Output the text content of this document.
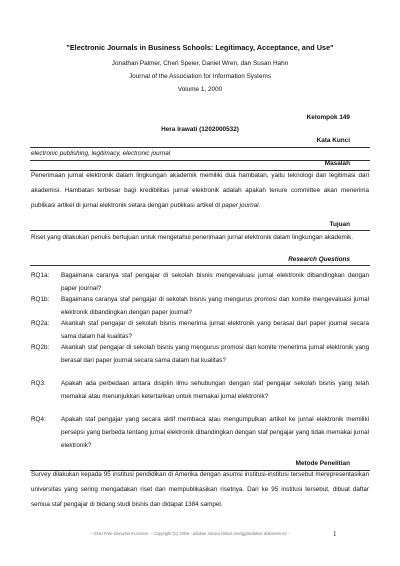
"Electronic Journals in Business Schools: Legitimacy, Acceptance, and Use"
Jonathan Palmer, Cheri Speier, Daniel Wren, dan Susan Hahn
Journal of the Association for Information Systems
Volume 1, 2000
Kelompok 149
Hera Irawati (1202000532)
Kata Kunci
electronic publishing, legitimacy, electronic journal
Masalah
Penerimaan jurnal elektronik dalam lingkungan akademik memiliki dua hambatan, yaitu teknologi dan legitimasi dari akademisi. Hambatan terbesar bagi kredibilitas jurnal elektronik adalah apakah tenure committee akan menerima publikasi artikel di jurnal elektronik setara dengan publikasi artikel di paper journal.
Tujuan
Riset yang dilakukan penulis bertujuan untuk mengetahui penerimaan jurnal elektronik dalam lingkungan akademik.
Research Questions
RQ1a:	Bagaimana caranya staf pengajar di sekolah bisnis mengevaluasi jurnal elektronik dibandingkan dengan paper journal?
RQ1b:	Bagaimana caranya staf pengajar di sekolah bisnis yang mengurus promosi dan komite mengevaluasi jurnal elektronik dibandingkan dengan paper journal?
RQ2a:	Akankah staf pengajar di sekolah bisnis menerima jurnal elektronik yang berasal dari paper journal secara sama dalam hal kualitas?
RQ2b:	Akankah staf pengajar di sekolah bisnis yang mengurus promosi dan komite menerima jurnal elektronik yang berasal dari paper journal secara sama dalam hal kualitas?
RQ3:	Apakah ada perbedaan antara disiplin ilmu sehubungan dengan staf pengajar sekolah bisnis yang telah memakai atau menunjukkan ketertarikan untuk memakai jurnal elektronik?
RQ4:	Apakah staf pengajar yang secara aktif membaca atau mengumpulkan artikel ke jurnal elektronik memiliki persepsi yang berbeda tentang jurnal elektronik dibandingkan dengan staf pengajar yang tidak memakai jurnal elektronik?
Metode Penelitian
Survey dilakukan kepada 95 institusi pendidikan di Amerika dengan asumsi institusi-institusi tersebut merepresentasikan universitas yang sering mengadakan riset dan mempublikasikan risetnya. Dari ke 95 institusi tersebut, dibuat daftar semua staf pengajar di bidang studi bisnis dan didapat 1384 sampel.
-- GNU Free Document License -- Copyright (C) 2006 - Silakan secara bebas menggandakan dokumen ini --	1
